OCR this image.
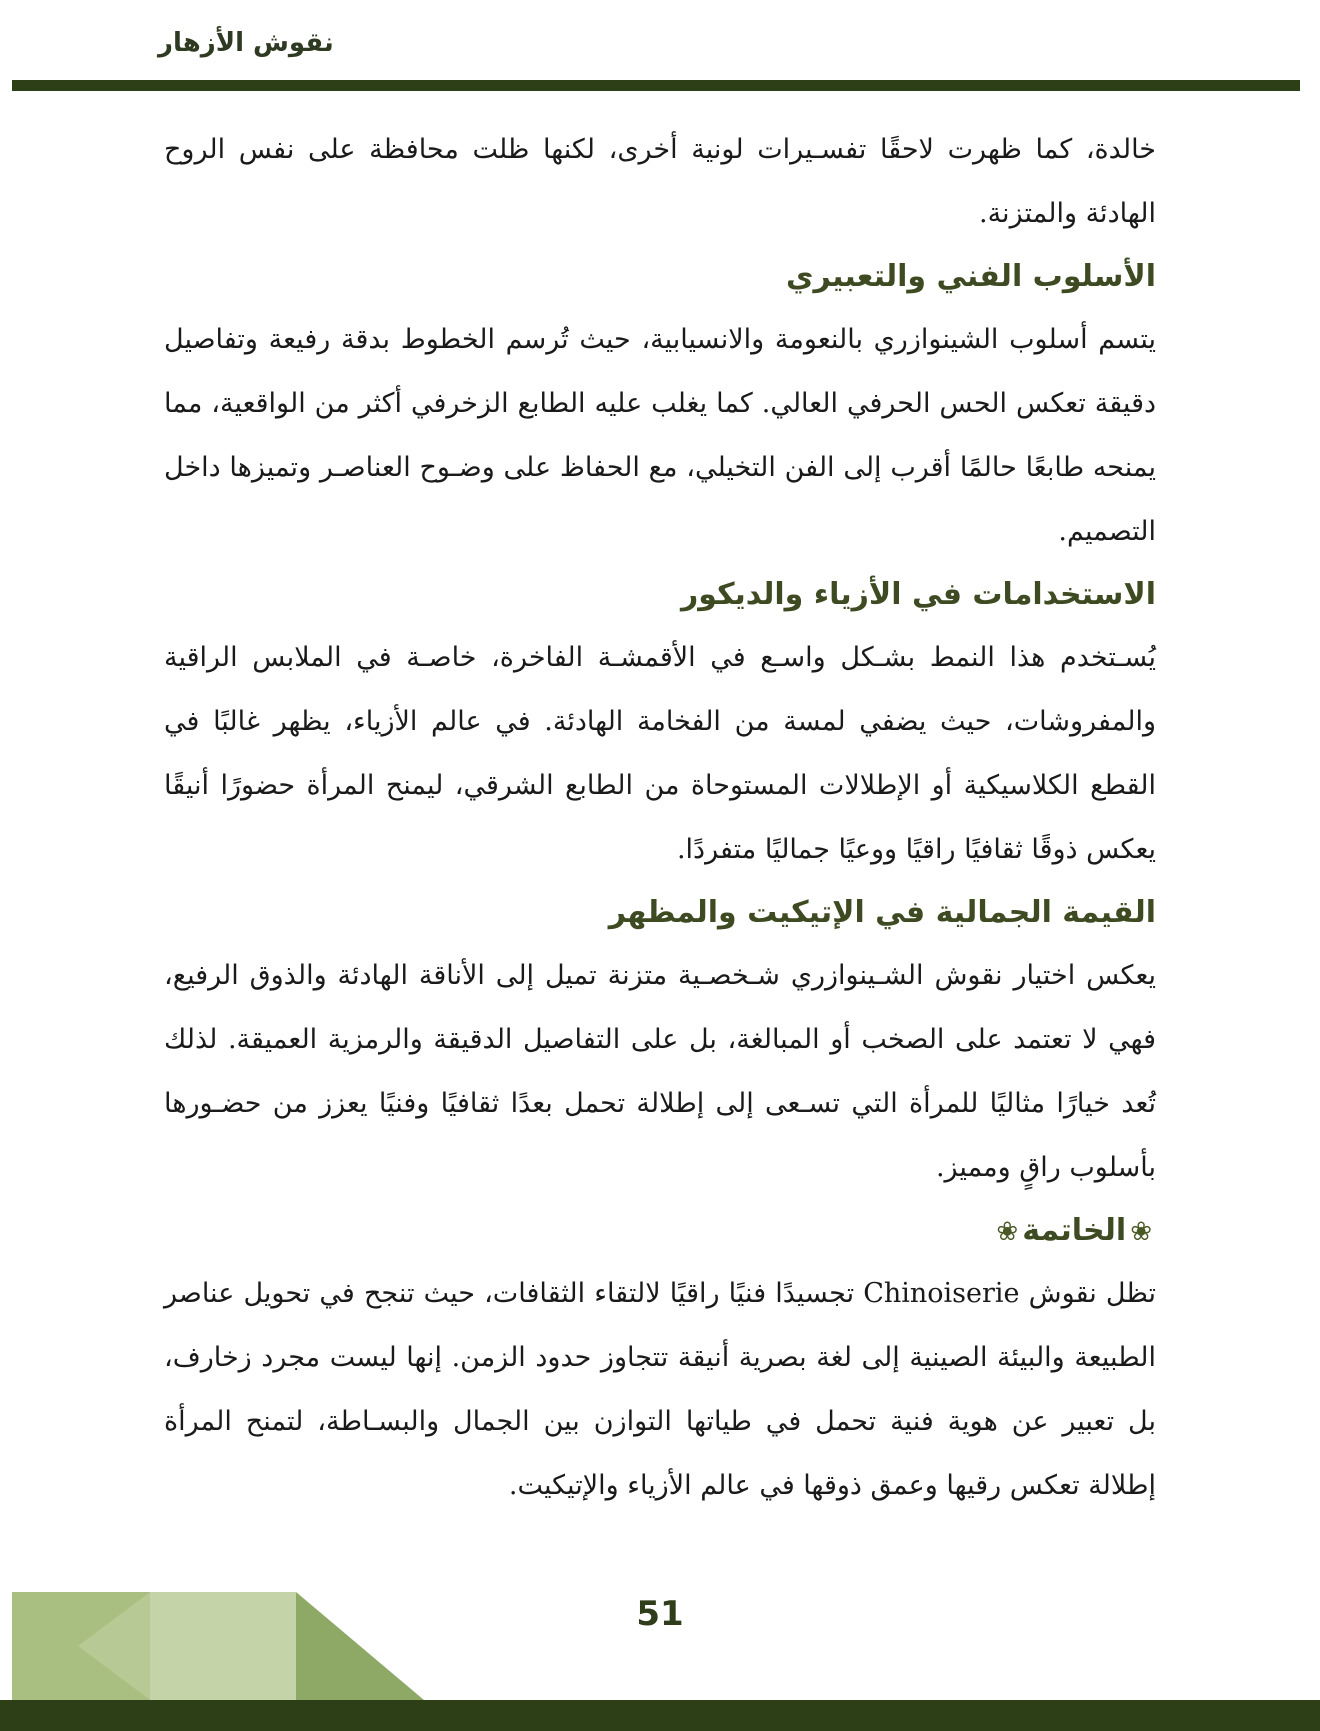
نقوش الأزهار

خالدة، كما ظهرت لاحقًا تفسـيرات لونية أخرى، لكنها ظلت محافظة على نفس الروح الهادئة والمتزنة.

الأسلوب الفني والتعبيري

يتسم أسلوب الشينوازري بالنعومة والانسيابية، حيث تُرسم الخطوط بدقة رفيعة وتفاصيل دقيقة تعكس الحس الحرفي العالي. كما يغلب عليه الطابع الزخرفي أكثر من الواقعية، مما يمنحه طابعًا حالمًا أقرب إلى الفن التخيلي، مع الحفاظ على وضـوح العناصـر وتميزها داخل التصميم.

الاستخدامات في الأزياء والديكور

يُسـتخدم هذا النمط بشـكل واسـع في الأقمشـة الفاخرة، خاصـة في الملابس الراقية والمفروشات، حيث يضفي لمسة من الفخامة الهادئة. في عالم الأزياء، يظهر غالبًا في القطع الكلاسيكية أو الإطلالات المستوحاة من الطابع الشرقي، ليمنح المرأة حضورًا أنيقًا يعكس ذوقًا ثقافيًا راقيًا ووعيًا جماليًا متفردًا.

القيمة الجمالية في الإتيكيت والمظهر

يعكس اختيار نقوش الشـينوازري شـخصـية متزنة تميل إلى الأناقة الهادئة والذوق الرفيع، فهي لا تعتمد على الصخب أو المبالغة، بل على التفاصيل الدقيقة والرمزية العميقة. لذلك تُعد خيارًا مثاليًا للمرأة التي تسـعى إلى إطلالة تحمل بعدًا ثقافيًا وفنيًا يعزز من حضـورها بأسلوب راقٍ ومميز.

❀الخاتمة❀

تظل نقوش Chinoiserie تجسيدًا فنيًا راقيًا لالتقاء الثقافات، حيث تنجح في تحويل عناصر الطبيعة والبيئة الصينية إلى لغة بصرية أنيقة تتجاوز حدود الزمن. إنها ليست مجرد زخارف، بل تعبير عن هوية فنية تحمل في طياتها التوازن بين الجمال والبسـاطة، لتمنح المرأة إطلالة تعكس رقيها وعمق ذوقها في عالم الأزياء والإتيكيت.

51
